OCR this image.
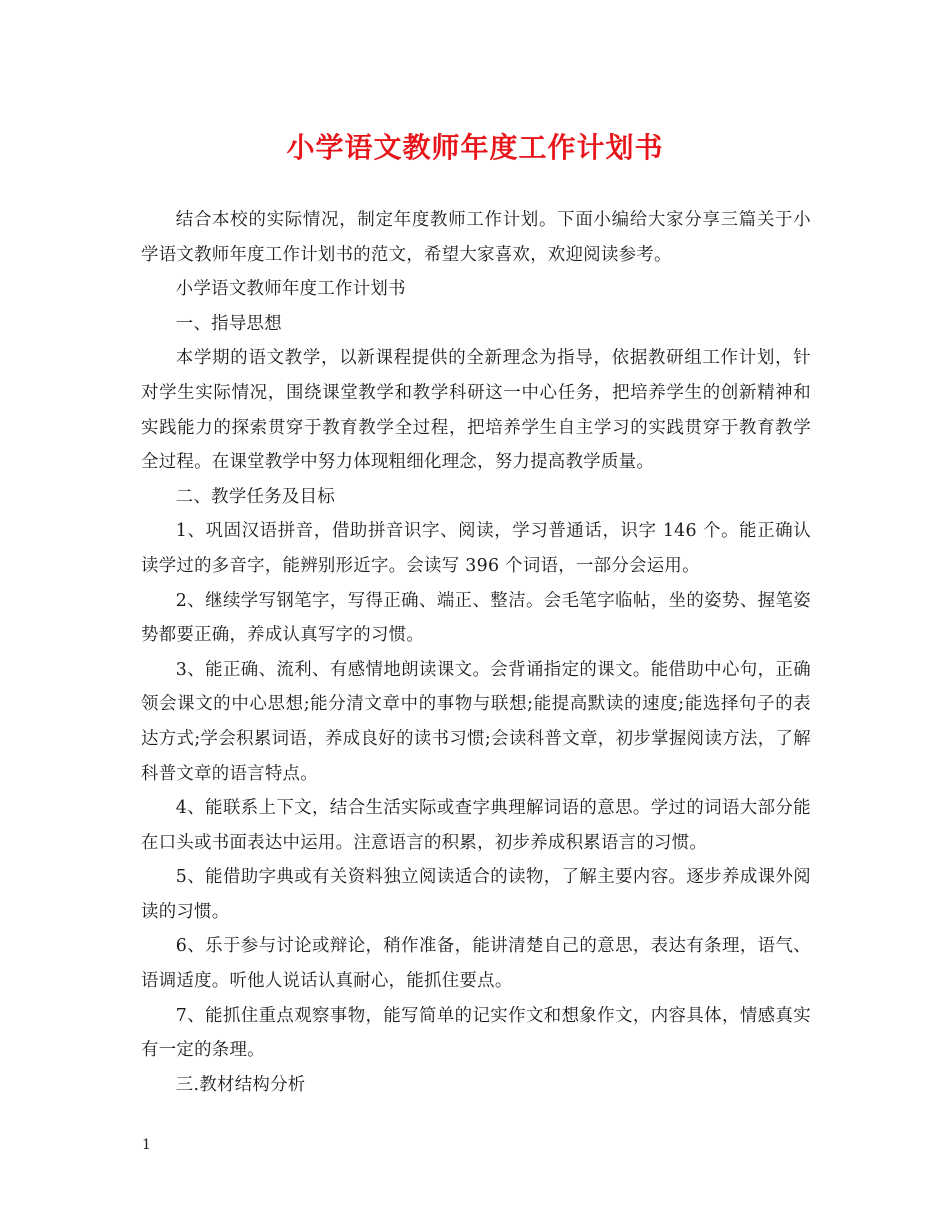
小学语文教师年度工作计划书

结合本校的实际情况，制定年度教师工作计划。下面小编给大家分享三篇关于小学语文教师年度工作计划书的范文，希望大家喜欢，欢迎阅读参考。

小学语文教师年度工作计划书

一、指导思想

本学期的语文教学，以新课程提供的全新理念为指导，依据教研组工作计划，针对学生实际情况，围绕课堂教学和教学科研这一中心任务，把培养学生的创新精神和实践能力的探索贯穿于教育教学全过程，把培养学生自主学习的实践贯穿于教育教学全过程。在课堂教学中努力体现粗细化理念，努力提高教学质量。

二、教学任务及目标

1、巩固汉语拼音，借助拼音识字、阅读，学习普通话，识字 146 个。能正确认读学过的多音字，能辨别形近字。会读写 396 个词语，一部分会运用。

2、继续学写钢笔字，写得正确、端正、整洁。会毛笔字临帖，坐的姿势、握笔姿势都要正确，养成认真写字的习惯。

3、能正确、流利、有感情地朗读课文。会背诵指定的课文。能借助中心句，正确领会课文的中心思想;能分清文章中的事物与联想;能提高默读的速度;能选择句子的表达方式;学会积累词语，养成良好的读书习惯;会读科普文章，初步掌握阅读方法，了解科普文章的语言特点。

4、能联系上下文，结合生活实际或查字典理解词语的意思。学过的词语大部分能在口头或书面表达中运用。注意语言的积累，初步养成积累语言的习惯。

5、能借助字典或有关资料独立阅读适合的读物，了解主要内容。逐步养成课外阅读的习惯。

6、乐于参与讨论或辩论，稍作准备，能讲清楚自己的意思，表达有条理，语气、语调适度。听他人说话认真耐心，能抓住要点。

7、能抓住重点观察事物，能写简单的记实作文和想象作文，内容具体，情感真实有一定的条理。

三.教材结构分析

1
